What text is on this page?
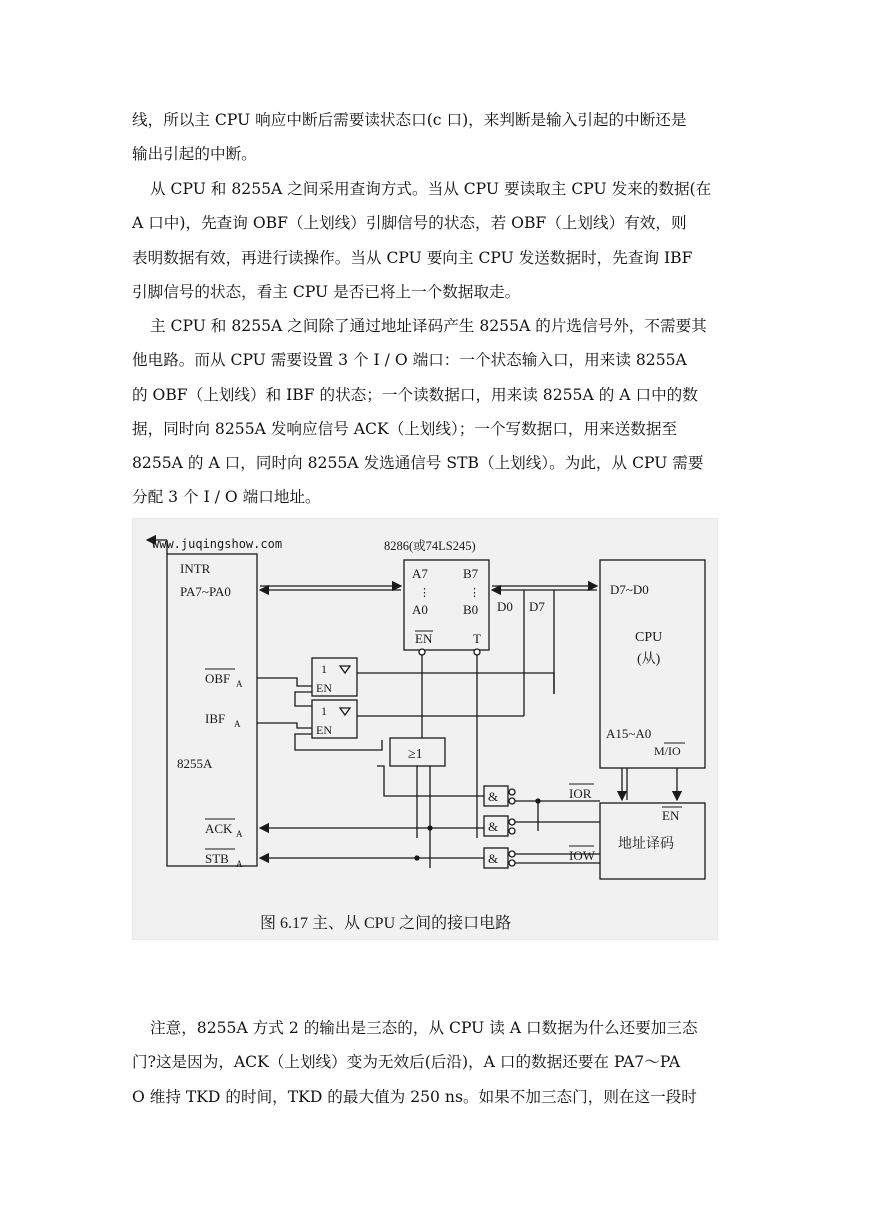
线，所以主 CPU 响应中断后需要读状态口(c 口)，来判断是输入引起的中断还是
输出引起的中断。
从 CPU 和 8255A 之间采用查询方式。当从 CPU 要读取主 CPU 发来的数据(在
A 口中)，先查询 OBF（上划线）引脚信号的状态，若 OBF（上划线）有效，则
表明数据有效，再进行读操作。当从 CPU 要向主 CPU 发送数据时，先查询 IBF
引脚信号的状态，看主 CPU 是否已将上一个数据取走。
主 CPU 和 8255A 之间除了通过地址译码产生 8255A 的片选信号外，不需要其
他电路。而从 CPU 需要设置 3 个 I / O 端口：一个状态输入口，用来读 8255A
的 OBF（上划线）和 IBF 的状态；一个读数据口，用来读 8255A 的 A 口中的数
据，同时向 8255A 发响应信号 ACK（上划线）；一个写数据口，用来送数据至
8255A 的 A 口，同时向 8255A 发选通信号 STB（上划线）。为此，从 CPU 需要
分配 3 个 I / O 端口地址。
www.juqingshow.com
INTR
PA7~PA0
OBF A
IBF A
8255A
ACK A
STB A
8286(或74LS245)
A7
⋮
A0
B7
⋮
B0
EN	T
D0 D7
D7~D0
CPU
(从)
A15~A0
M/IO
1
EN
1
EN
≥1
&
&
&
IOR
IOW
EN
地址译码
图 6.17 主、从 CPU 之间的接口电路
注意，8255A 方式 2 的输出是三态的，从 CPU 读 A 口数据为什么还要加三态
门?这是因为，ACK（上划线）变为无效后(后沿)，A 口的数据还要在 PA7～PA
O 维持 TKD 的时间，TKD 的最大值为 250 ns。如果不加三态门，则在这一段时
